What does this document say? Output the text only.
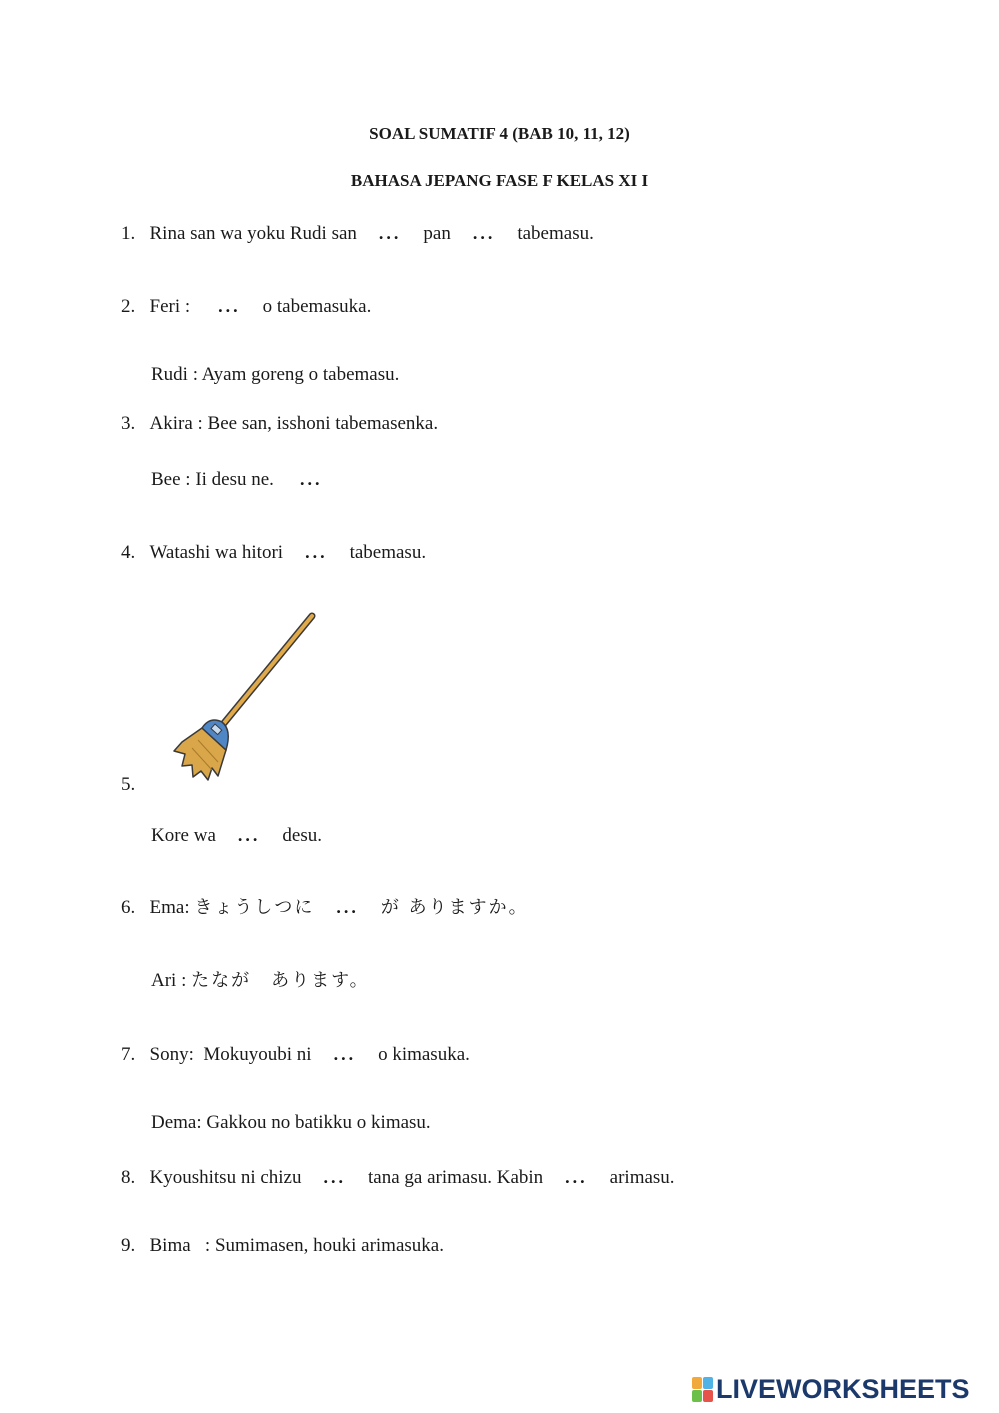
SOAL SUMATIF 4 (BAB 10, 11, 12)
BAHASA JEPANG FASE F KELAS XI I
1. Rina san wa yoku Rudi san ... pan ... tabemasu.
2. Feri : ... o tabemasuka.
Rudi : Ayam goreng o tabemasu.
3. Akira : Bee san, isshoni tabemasenka.
Bee : Ii desu ne. ...
4. Watashi wa hitori ... tabemasu.
5.
Kore wa ... desu.
6. Ema: きょうしつに ... が ありますか。
Ari : たなが　あります。
7. Sony:  Mokuyoubi ni ... o kimasuka.
Dema: Gakkou no batikku o kimasu.
8. Kyoushitsu ni chizu ... tana ga arimasu. Kabin ... arimasu.
9. Bima : Sumimasen, houki arimasuka.
LIVEWORKSHEETS
